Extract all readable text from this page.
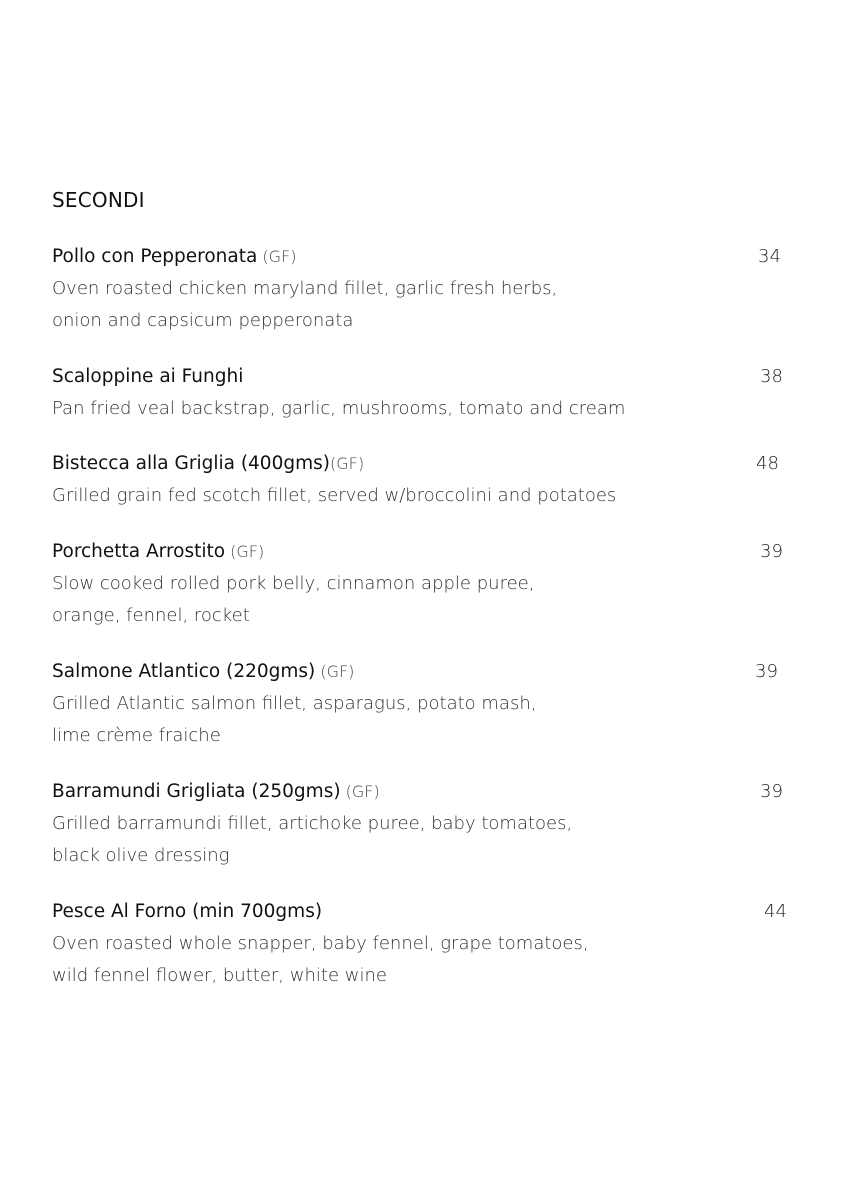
SECONDI
Pollo con Pepperonata (GF)	34
Oven roasted chicken maryland fillet, garlic fresh herbs,
onion and capsicum pepperonata
Scaloppine ai Funghi	38
Pan fried veal backstrap, garlic, mushrooms, tomato and cream
Bistecca alla Griglia (400gms)(GF)	48
Grilled grain fed scotch fillet, served w/broccolini and potatoes
Porchetta Arrostito (GF)	39
Slow cooked rolled pork belly, cinnamon apple puree,
orange, fennel, rocket
Salmone Atlantico (220gms) (GF)	39
Grilled Atlantic salmon fillet, asparagus, potato mash,
lime crème fraiche
Barramundi Grigliata (250gms) (GF)	39
Grilled barramundi fillet, artichoke puree, baby tomatoes,
black olive dressing
Pesce Al Forno (min 700gms)	44
Oven roasted whole snapper, baby fennel, grape tomatoes,
wild fennel flower, butter, white wine
